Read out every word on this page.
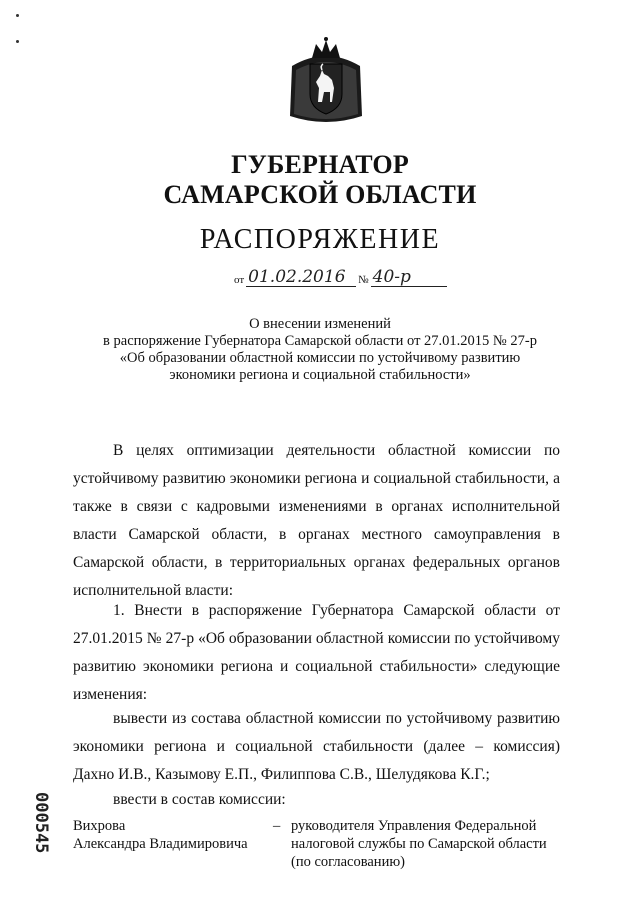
ГУБЕРНАТОР
САМАРСКОЙ ОБЛАСТИ
РАСПОРЯЖЕНИЕ
от 01.02.2016	№ 40-р
О внесении изменений
в распоряжение Губернатора Самарской области от 27.01.2015 № 27-р
«Об образовании областной комиссии по устойчивому развитию
экономики региона и социальной стабильности»
В целях оптимизации деятельности областной комиссии по
устойчивому развитию экономики региона и социальной стабильности, а
также в связи с кадровыми изменениями в органах исполнительной
власти Самарской области, в органах местного самоуправления в
Самарской области, в территориальных органах федеральных органов
исполнительной власти:
1. Внести в распоряжение Губернатора Самарской области от
27.01.2015 № 27-р «Об образовании областной комиссии по устойчивому
развитию экономики региона и социальной стабильности» следующие
изменения:
вывести из состава областной комиссии по устойчивому развитию
экономики региона и социальной стабильности (далее – комиссия)
Дахно И.В., Казымову Е.П., Филиппова С.В., Шелудякова К.Г.;
ввести в состав комиссии:
Вихрова
Александра Владимировича
– руководителя Управления Федеральной
налоговой службы по Самарской области
(по согласованию)
000545
